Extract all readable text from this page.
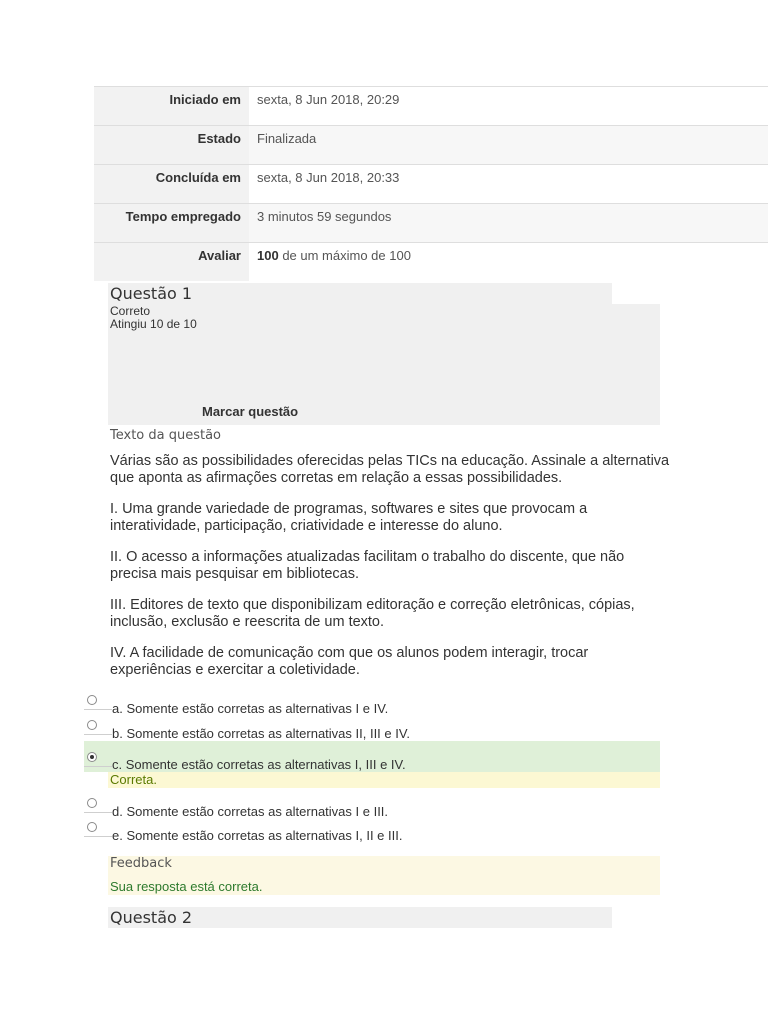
Iniciado em	sexta, 8 Jun 2018, 20:29
Estado	Finalizada
Concluída em	sexta, 8 Jun 2018, 20:33
Tempo empregado	3 minutos 59 segundos
Avaliar	100 de um máximo de 100
Questão 1
Correto
Atingiu 10 de 10
Marcar questão
Texto da questão

Várias são as possibilidades oferecidas pelas TICs na educação. Assinale a alternativa que aponta as afirmações corretas em relação a essas possibilidades.

I. Uma grande variedade de programas, softwares e sites que provocam a interatividade, participação, criatividade e interesse do aluno.

II. O acesso a informações atualizadas facilitam o trabalho do discente, que não precisa mais pesquisar em bibliotecas.

III. Editores de texto que disponibilizam editoração e correção eletrônicas, cópias, inclusão, exclusão e reescrita de um texto.

IV. A facilidade de comunicação com que os alunos podem interagir, trocar experiências e exercitar a coletividade.

a. Somente estão corretas as alternativas I e IV.
b. Somente estão corretas as alternativas II, III e IV.
c. Somente estão corretas as alternativas I, III e IV.
Correta.
d. Somente estão corretas as alternativas I e III.
e. Somente estão corretas as alternativas I, II e III.
Feedback
Sua resposta está correta.
Questão 2
